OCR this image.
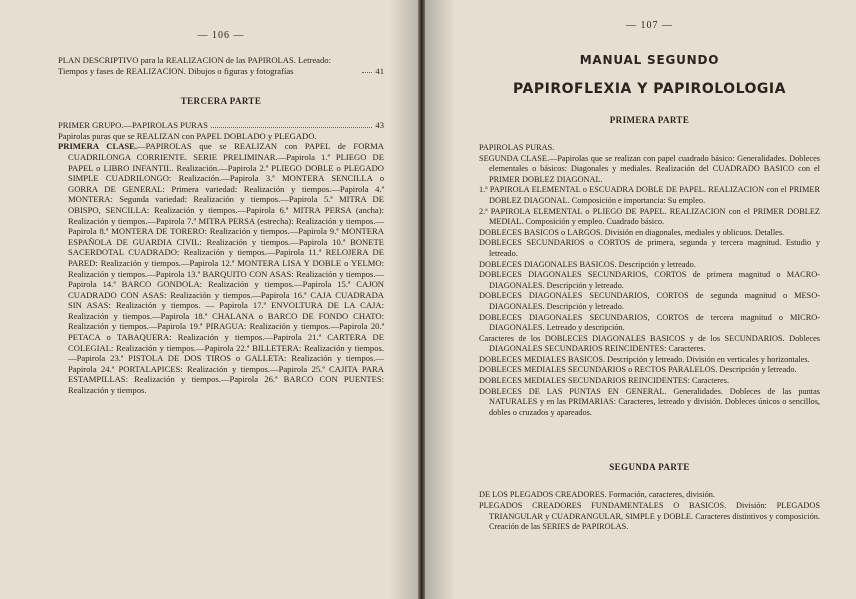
— 106 —
PLAN DESCRIPTIVO para la REALIZACION de las PAPIROLAS. Letreado: Tiempos y fases de REALIZACION. Dibujos o figuras y fotografías	41
TERCERA PARTE
PRIMER GRUPO.—PAPIROLAS PURAS	43

Papirolas puras que se REALIZAN con PAPEL DOBLADO y PLEGADO.

PRIMERA CLASE.—PAPIROLAS que se REALIZAN con PAPEL de FORMA CUADRILONGA CORRIENTE. SERIE PRELIMINAR.—Papirola 1.ª PLIEGO DE PAPEL o LIBRO INFANTIL. Realización.—Papirola 2.ª PLIEGO DOBLE o PLEGADO SIMPLE CUADRILONGO: Realización.—Papirola 3.ª MONTERA SENCILLA o GORRA DE GENERAL: Primera variedad: Realización y tiempos.—Papirola 4.ª MONTERA: Segunda variedad: Realización y tiempos.—Papirola 5.ª MITRA DE OBISPO, SENCILLA: Realización y tiempos.—Papirola 6.ª MITRA PERSA (ancha): Realización y tiempos.—Papirola 7.ª MITRA PERSA (estrecha): Realización y tiempos.—Papirola 8.ª MONTERA DE TORERO: Realización y tiempos.—Papirola 9.ª MONTERA ESPAÑOLA DE GUARDIA CIVIL: Realización y tiempos.—Papirola 10.ª BONETE SACERDOTAL CUADRADO: Realización y tiempos.—Papirola 11.ª RELOJERA DE PARED: Realización y tiempos.—Papirola 12.ª MONTERA LISA Y DOBLE o YELMO: Realización y tiempos.—Papirola 13.ª BARQUITO CON ASAS: Realización y tiempos.—Papirola 14.ª BARCO GONDOLA: Realización y tiempos.—Papirola 15.ª CAJON CUADRADO CON ASAS: Realización y tiempos.—Papirola 16.ª CAJA CUADRADA SIN ASAS: Realización y tiempos. — Papirola 17.ª ENVOLTURA DE LA CAJA: Realización y tiempos.—Papirola 18.ª CHALANA o BARCO DE FONDO CHATO: Realización y tiempos.—Papirola 19.ª PIRAGUA: Realización y tiempos.—Papirola 20.ª PETACA o TABAQUERA: Realización y tiempos.—Papirola 21.ª CARTERA DE COLEGIAL: Realización y tiempos.—Papirola 22.ª BILLETERA: Realización y tiempos.—Papirola 23.ª PISTOLA DE DOS TIROS o GALLETA: Realización y tiempos.—Papirola 24.ª PORTALAPICES: Realización y tiempos.—Papirola 25.ª CAJITA PARA ESTAMPILLAS: Realización y tiempos.—Papirola 26.ª BARCO CON PUENTES: Realización y tiempos.

— 107 —
MANUAL SEGUNDO
PAPIROFLEXIA Y PAPIROLOLOGIA
PRIMERA PARTE

PAPIROLAS PURAS.

SEGUNDA CLASE.—Papirolas que se realizan con papel cuadrado básico: Generalidades. Dobleces elementales o básicos: Diagonales y mediales. Realización del CUADRADO BASICO con el PRIMER DOBLEZ DIAGONAL.

1.ª PAPIROLA ELEMENTAL o ESCUADRA DOBLE DE PAPEL. REALIZACION con el PRIMER DOBLEZ DIAGONAL. Composición e importancia: Su empleo.

2.ª PAPIROLA ELEMENTAL o PLIEGO DE PAPEL. REALIZACION con el PRIMER DOBLEZ MEDIAL. Composición y empleo. Cuadrado básico.

DOBLECES BASICOS o LARGOS. División en diagonales, mediales y oblicuos. Detalles.

DOBLECES SECUNDARIOS o CORTOS de primera, segunda y tercera magnitud. Estudio y letreado.

DOBLECES DIAGONALES BASICOS. Descripción y letreado.

DOBLECES DIAGONALES SECUNDARIOS, CORTOS de primera magnitud o MACRO-DIAGONALES. Descripción y letreado.

DOBLECES DIAGONALES SECUNDARIOS, CORTOS de segunda magnitud o MESO-DIAGONALES. Descripción y letreado.

DOBLECES DIAGONALES SECUNDARIOS, CORTOS de tercera magnitud o MICRO-DIAGONALES. Letreado y descripción.

Caracteres de los DOBLECES DIAGONALES BASICOS y de los SECUNDARIOS. Dobleces DIAGONALES SECUNDARIOS REINCIDENTES: Caracteres.

DOBLECES MEDIALES BASICOS. Descripción y letreado. División en verticales y horizontales.

DOBLECES MEDIALES SECUNDARIOS o RECTOS PARALELOS. Descripción y letreado.

DOBLECES MEDIALES SECUNDARIOS REINCIDENTES: Caracteres.

DOBLECES DE LAS PUNTAS EN GENERAL. Generalidades. Dobleces de las puntas NATURALES y en las PRIMARIAS: Caracteres, letreado y división. Dobleces únicos o sencillos, dobles o cruzados y apareados.

SEGUNDA PARTE

DE LOS PLEGADOS CREADORES. Formación, caracteres, división.

PLEGADOS CREADORES FUNDAMENTALES O BASICOS. División: PLEGADOS TRIANGULAR y CUADRANGULAR, SIMPLE y DOBLE. Caracteres distintivos y composición. Creación de las SERIES de PAPIROLAS.
